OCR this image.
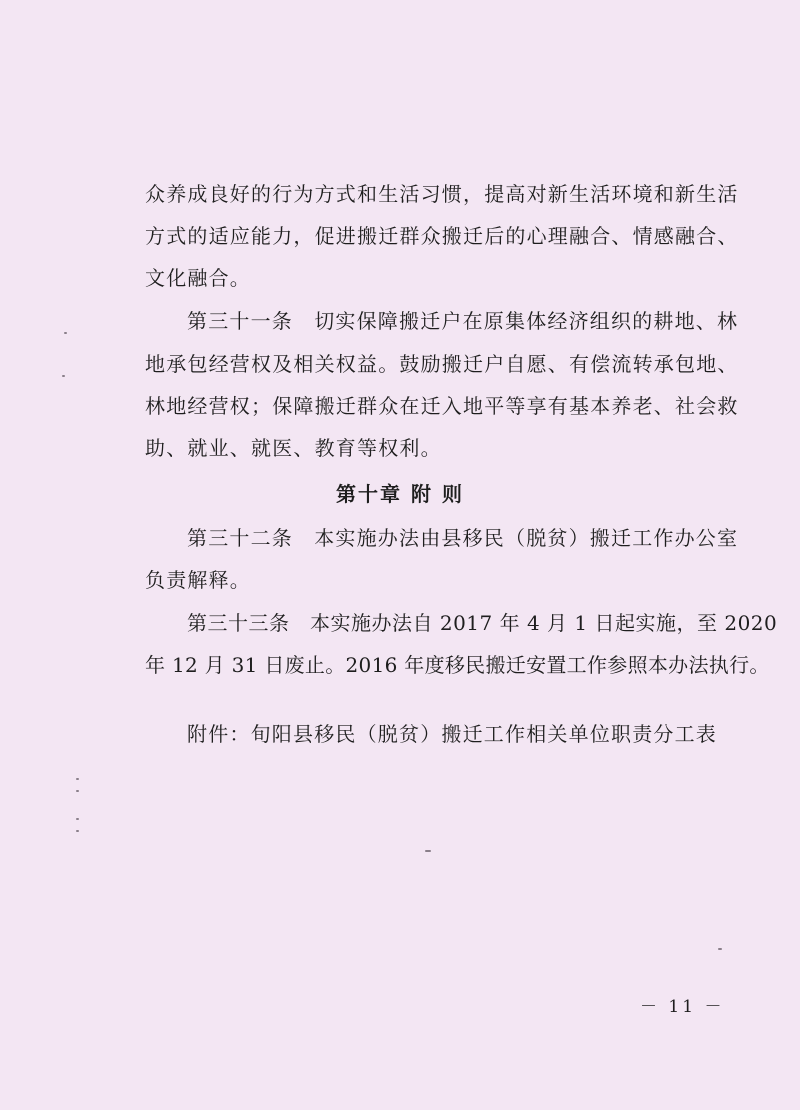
众养成良好的行为方式和生活习惯，提高对新生活环境和新生活
方式的适应能力，促进搬迁群众搬迁后的心理融合、情感融合、
文化融合。
第三十一条　切实保障搬迁户在原集体经济组织的耕地、林
地承包经营权及相关权益。鼓励搬迁户自愿、有偿流转承包地、
林地经营权；保障搬迁群众在迁入地平等享有基本养老、社会救
助、就业、就医、教育等权利。
第十章 附 则
第三十二条　本实施办法由县移民（脱贫）搬迁工作办公室
负责解释。
第三十三条　本实施办法自 2017 年 4 月 1 日起实施，至 2020
年 12 月 31 日废止。2016 年度移民搬迁安置工作参照本办法执行。
附件：旬阳县移民（脱贫）搬迁工作相关单位职责分工表
－ 11 －
